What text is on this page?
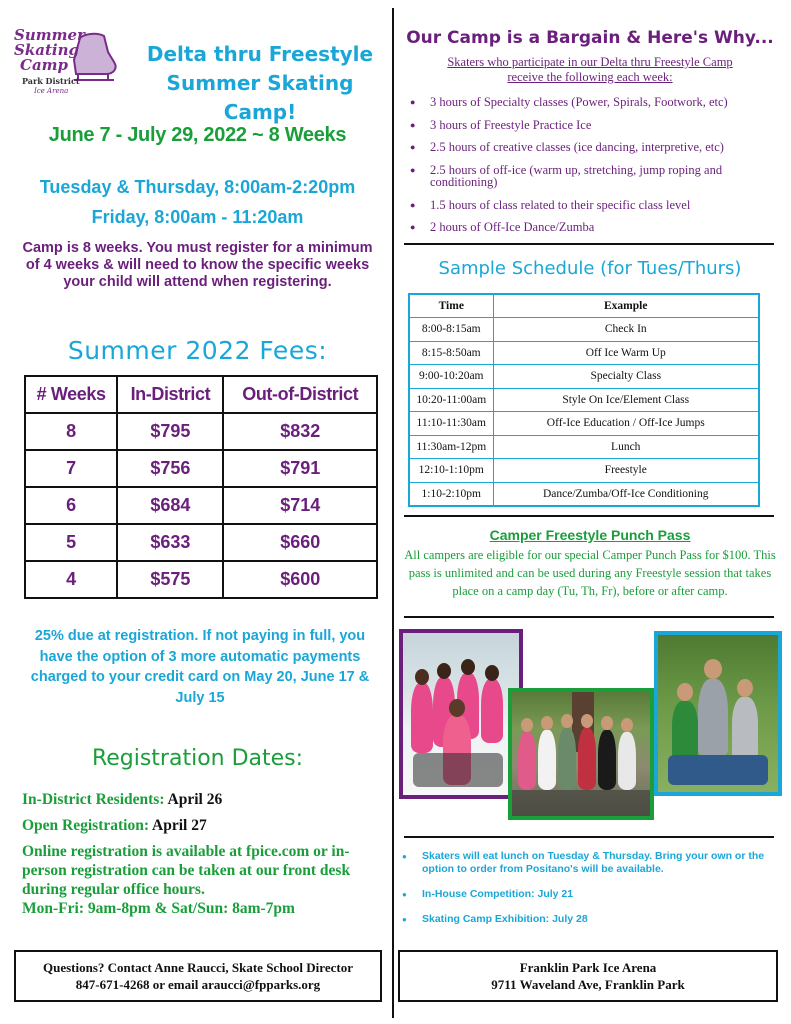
Summer
Skating
Camp
Park District
Ice Arena
Delta thru Freestyle
Summer Skating Camp!
June 7 - July 29, 2022 ~ 8 Weeks
Tuesday & Thursday, 8:00am-2:20pm
Friday, 8:00am - 11:20am
Camp is 8 weeks. You must register for a minimum of 4 weeks & will need to know the specific weeks your child will attend when registering.
Summer 2022 Fees:
# Weeks	In-District	Out-of-District
8	$795	$832
7	$756	$791
6	$684	$714
5	$633	$660
4	$575	$600
25% due at registration. If not paying in full, you have the option of 3 more automatic payments charged to your credit card on May 20, June 17 & July 15
Registration Dates:
In-District Residents: April 26
Open Registration: April 27
Online registration is available at fpice.com or in-person registration can be taken at our front desk during regular office hours.
Mon-Fri: 9am-8pm & Sat/Sun: 8am-7pm
Questions? Contact Anne Raucci, Skate School Director
847-671-4268 or email araucci@fpparks.org
Our Camp is a Bargain & Here's Why...
Skaters who participate in our Delta thru Freestyle Camp
receive the following each week:
● 3 hours of Specialty classes (Power, Spirals, Footwork, etc)
● 3 hours of Freestyle Practice Ice
● 2.5 hours of creative classes (ice dancing, interpretive, etc)
● 2.5 hours of off-ice (warm up, stretching, jump roping and conditioning)
● 1.5 hours of class related to their specific class level
● 2 hours of Off-Ice Dance/Zumba
Sample Schedule (for Tues/Thurs)
Time	Example
8:00-8:15am	Check In
8:15-8:50am	Off Ice Warm Up
9:00-10:20am	Specialty Class
10:20-11:00am	Style On Ice/Element Class
11:10-11:30am	Off-Ice Education / Off-Ice Jumps
11:30am-12pm	Lunch
12:10-1:10pm	Freestyle
1:10-2:10pm	Dance/Zumba/Off-Ice Conditioning
Camper Freestyle Punch Pass
All campers are eligible for our special Camper Punch Pass for $100. This pass is unlimited and can be used during any Freestyle session that takes place on a camp day (Tu, Th, Fr), before or after camp.
● Skaters will eat lunch on Tuesday & Thursday. Bring your own or the option to order from Positano's will be available.
● In-House Competition: July 21
● Skating Camp Exhibition: July 28
Franklin Park Ice Arena
9711 Waveland Ave, Franklin Park
